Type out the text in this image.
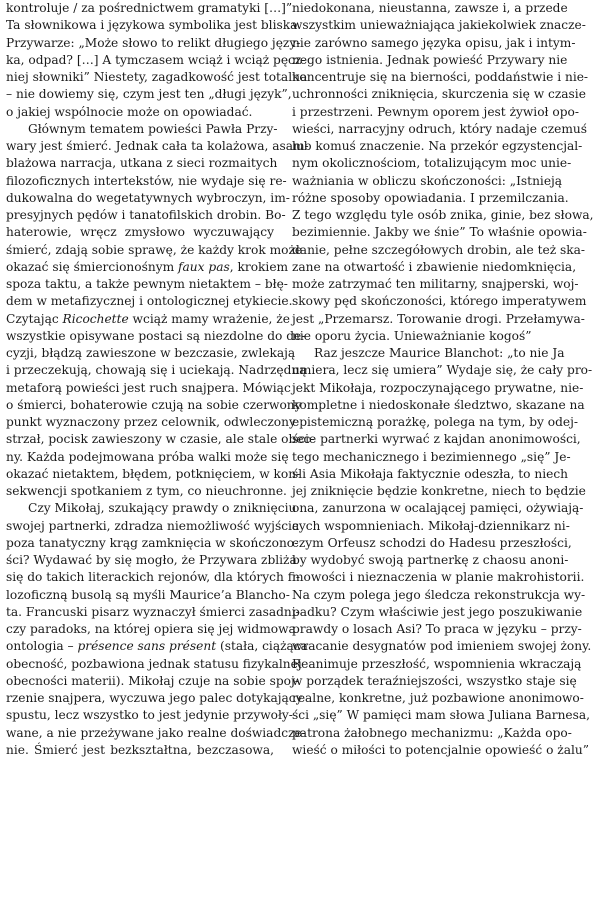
kontroluje / za pośrednictwem gramatyki […]”
Ta słownikowa i językowa symbolika jest bliska
Przywarze: „Może słowo to relikt długiego języ-
ka, odpad? […] A tymczasem wciąż i wciąż pęcz-
niej słowniki” Niestety, zagadkowość jest totalna
– nie dowiemy się, czym jest ten „długi język”,
o jakiej wspólnocie może on opowiadać.
Głównym tematem powieści Pawła Przy-
wary jest śmierć. Jednak cała ta kolażowa, asam-
blażowa narracja, utkana z sieci rozmaitych
filozoficznych intertekstów, nie wydaje się re-
dukowalna do wegetatywnych wybroczyn, im-
presyjnych pędów i tanatofilskich drobin. Bo-
haterowie, wręcz zmysłowo wyczuwający
śmierć, zdają sobie sprawę, że każdy krok może
okazać się śmiercionośnym faux pas, krokiem
spoza taktu, a także pewnym nietaktem – błę-
dem w metafizycznej i ontologicznej etykiecie.
Czytając Ricochette wciąż mamy wrażenie, że
wszystkie opisywane postaci są niezdolne do de-
cyzji, błądzą zawieszone w bezczasie, zwlekają
i przeczekują, chowają się i uciekają. Nadrzędną
metaforą powieści jest ruch snajpera. Mówiąc
o śmierci, bohaterowie czują na sobie czerwony
punkt wyznaczony przez celownik, odwleczony
strzał, pocisk zawieszony w czasie, ale stale obec-
ny. Każda podejmowana próba walki może się
okazać nietaktem, błędem, potknięciem, w kon-
sekwencji spotkaniem z tym, co nieuchronne.
Czy Mikołaj, szukający prawdy o zniknięciu
swojej partnerki, zdradza niemożliwość wyjścia
poza tanatyczny krąg zamknięcia w skończono-
ści? Wydawać by się mogło, że Przywara zbliża
się do takich literackich rejonów, dla których fi-
lozoficzną busolą są myśli Maurice’a Blancho-
ta. Francuski pisarz wyznaczył śmierci zasadni-
czy paradoks, na której opiera się jej widmowa
ontologia – présence sans présent (stała, ciążąca
obecność, pozbawiona jednak statusu fizykalnej
obecności materii). Mikołaj czuje na sobie spoj-
rzenie snajpera, wyczuwa jego palec dotykający
spustu, lecz wszystko to jest jedynie przywoły-
wane, a nie przeżywane jako realne doświadcze-
nie. Śmierć jest bezkształtna, bezczasowa,
niedokonana, nieustanna, zawsze i, a przede
wszystkim unieważniająca jakiekolwiek znacze-
nie zarówno samego języka opisu, jak i intym-
nego istnienia. Jednak powieść Przywary nie
koncentruje się na bierności, poddaństwie i nie-
uchronności zniknięcia, skurczenia się w czasie
i przestrzeni. Pewnym oporem jest żywioł opo-
wieści, narracyjny odruch, który nadaje czemuś
lub komuś znaczenie. Na przekór egzystencjal-
nym okolicznościom, totalizującym moc unie-
ważniania w obliczu skończoności: „Istnieją
różne sposoby opowiadania. I przemilczania.
Z tego względu tyle osób znika, ginie, bez słowa,
bezimiennie. Jakby we śnie” To właśnie opowia-
danie, pełne szczegółowych drobin, ale też ska-
zane na otwartość i zbawienie niedomknięcia,
może zatrzymać ten militarny, snajperski, woj-
skowy pęd skończoności, którego imperatywem
jest „Przemarsz. Torowanie drogi. Przełamywa-
nie oporu życia. Unieważnianie kogoś”
Raz jeszcze Maurice Blanchot: „to nie Ja
umiera, lecz się umiera” Wydaje się, że cały pro-
jekt Mikołaja, rozpoczynającego prywatne, nie-
kompletne i niedoskonałe śledztwo, skazane na
epistemiczną porażkę, polega na tym, by odej-
ście partnerki wyrwać z kajdan anonimowości,
tego mechanicznego i bezimiennego „się” Je-
śli Asia Mikołaja faktycznie odeszła, to niech
jej zniknięcie będzie konkretne, niech to będzie
ona, zanurzona w ocalającej pamięci, ożywiają-
cych wspomnieniach. Mikołaj-dziennikarz ni-
czym Orfeusz schodzi do Hadesu przeszłości,
by wydobyć swoją partnerkę z chaosu anoni-
mowości i nieznaczenia w planie makrohistorii.
Na czym polega jego śledcza rekonstrukcja wy-
padku? Czym właściwie jest jego poszukiwanie
prawdy o losach Asi? To praca w języku – przy-
wracanie desygnatów pod imieniem swojej żony.
Reanimuje przeszłość, wspomnienia wkraczają
w porządek teraźniejszości, wszystko staje się
realne, konkretne, już pozbawione anonimowo-
ści „się” W pamięci mam słowa Juliana Barnesa,
patrona żałobnego mechanizmu: „Każda opo-
wieść o miłości to potencjalnie opowieść o żalu”
